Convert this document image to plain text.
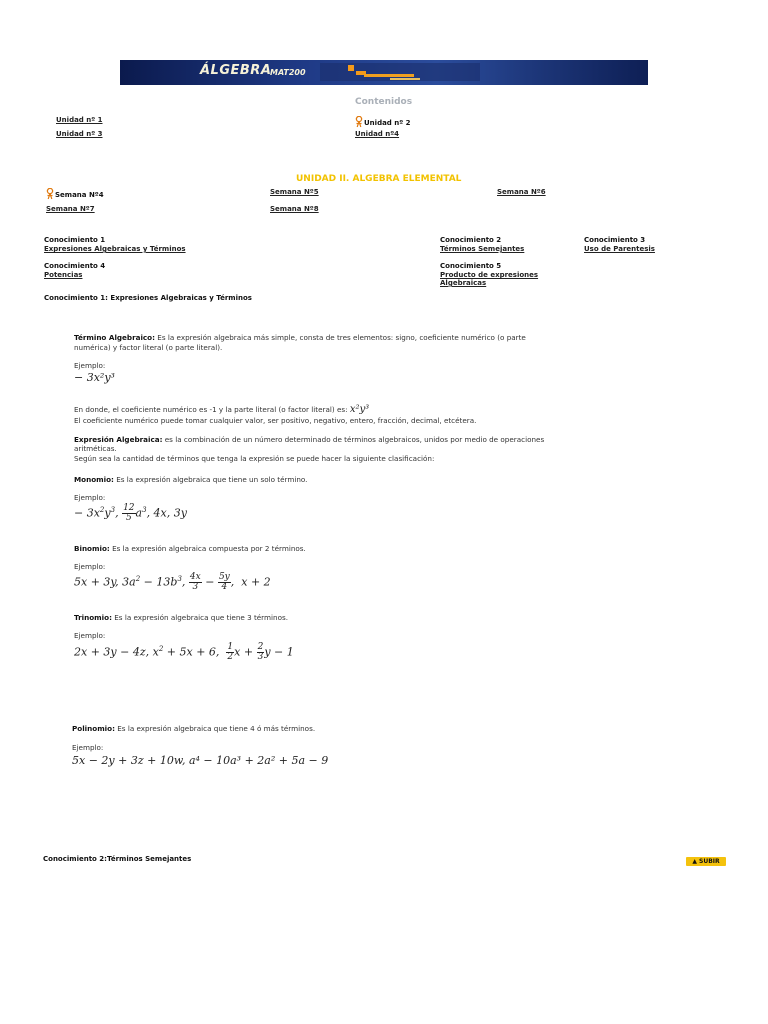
ÁLGEBRA
MAT200
Contenidos
Unidad nº 1	Unidad nº 2
Unidad nº 3	Unidad nº4
UNIDAD II. ALGEBRA ELEMENTAL
Semana Nº4	Semana Nº5	Semana Nº6
Semana Nº7	Semana Nº8
Conocimiento 1
Expresiones Algebraicas y Términos
Conocimiento 2
Términos Semejantes
Conocimiento 3
Uso de Parentesis
Conocimiento 4
Potencias
Conocimiento 5
Producto de expresiones Algebraicas
Conocimiento 1: Expresiones Algebraicas y Términos
Término Algebraico: Es la expresión algebraica más simple, consta de tres elementos: signo, coeficiente numérico (o parte numérica) y factor literal (o parte literal).
Ejemplo:
− 3x²y³
En donde, el coeficiente numérico es -1 y la parte literal (o factor literal) es: x²y³
El coeficiente numérico puede tomar cualquier valor, ser positivo, negativo, entero, fracción, decimal, etcétera.
Expresión Algebraica: es la combinación de un número determinado de términos algebraicos, unidos por medio de operaciones aritméticas.
Según sea la cantidad de términos que tenga la expresión se puede hacer la siguiente clasificación:
Monomio: Es la expresión algebraica que tiene un solo término.
Ejemplo:
− $3x^2y^3$, $\frac{12}{5} a^3$, 4x, 3y
Binomio: Es la expresión algebraica compuesta por 2 términos.
Ejemplo:
5x + 3y, $3a^2 - 13b^3$, $\frac{4x}{3} - \frac{5y}{4}$ ,  x + 2
Trinomio: Es la expresión algebraica que tiene 3 términos.
Ejemplo:
2x + 3y − 4z, $x^2 + 5x + 6$, $\frac{1}{2}$ $x + \frac{2}{3}$ y − 1
Polinomio: Es la expresión algebraica que tiene 4 ó más términos.
Ejemplo:
5x − 2y + 3z + 10w, a⁴ − 10a³ + 2a² + 5a − 9
Conocimiento 2:Términos Semejantes	▲ SUBIR
